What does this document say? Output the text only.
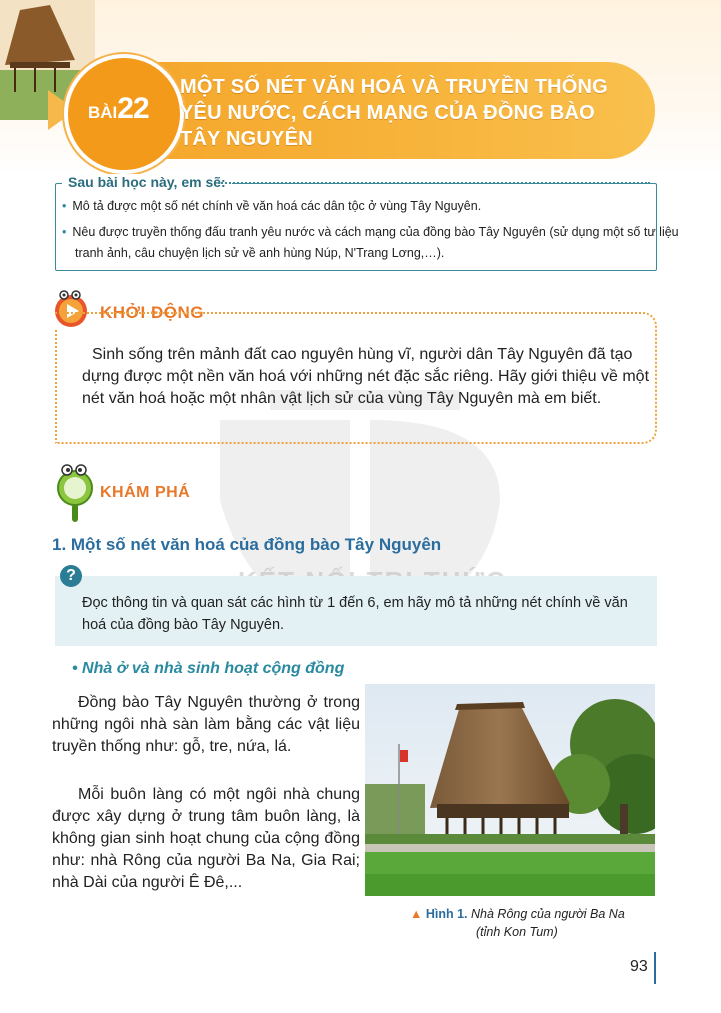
BÀI22
MỘT SỐ NÉT VĂN HOÁ VÀ TRUYỀN THỐNG
YÊU NƯỚC, CÁCH MẠNG CỦA ĐỒNG BÀO
TÂY NGUYÊN
Sau bài học này, em sẽ:
• Mô tả được một số nét chính về văn hoá các dân tộc ở vùng Tây Nguyên.
• Nêu được truyền thống đấu tranh yêu nước và cách mạng của đồng bào Tây Nguyên (sử dụng một số tư liệu
tranh ảnh, câu chuyện lịch sử về anh hùng Núp, N'Trang Lơng,…).
KHỞI ĐỘNG
Sinh sống trên mảnh đất cao nguyên hùng vĩ, người dân Tây Nguyên đã tạo dựng được một nền văn hoá với những nét đặc sắc riêng. Hãy giới thiệu về một nét văn hoá hoặc một nhân vật lịch sử của vùng Tây Nguyên mà em biết.
KHÁM PHÁ
1. Một số nét văn hoá của đồng bào Tây Nguyên
?
Đọc thông tin và quan sát các hình từ 1 đến 6, em hãy mô tả những nét chính về văn hoá của đồng bào Tây Nguyên.
• Nhà ở và nhà sinh hoạt cộng đồng
Đồng bào Tây Nguyên thường ở trong những ngôi nhà sàn làm bằng các vật liệu truyền thống như: gỗ, tre, nứa, lá.
Mỗi buôn làng có một ngôi nhà chung được xây dựng ở trung tâm buôn làng, là không gian sinh hoạt chung của cộng đồng như: nhà Rông của người Ba Na, Gia Rai; nhà Dài của người Ê Đê,...
▲ Hình 1. Nhà Rông của người Ba Na
(tỉnh Kon Tum)
93
